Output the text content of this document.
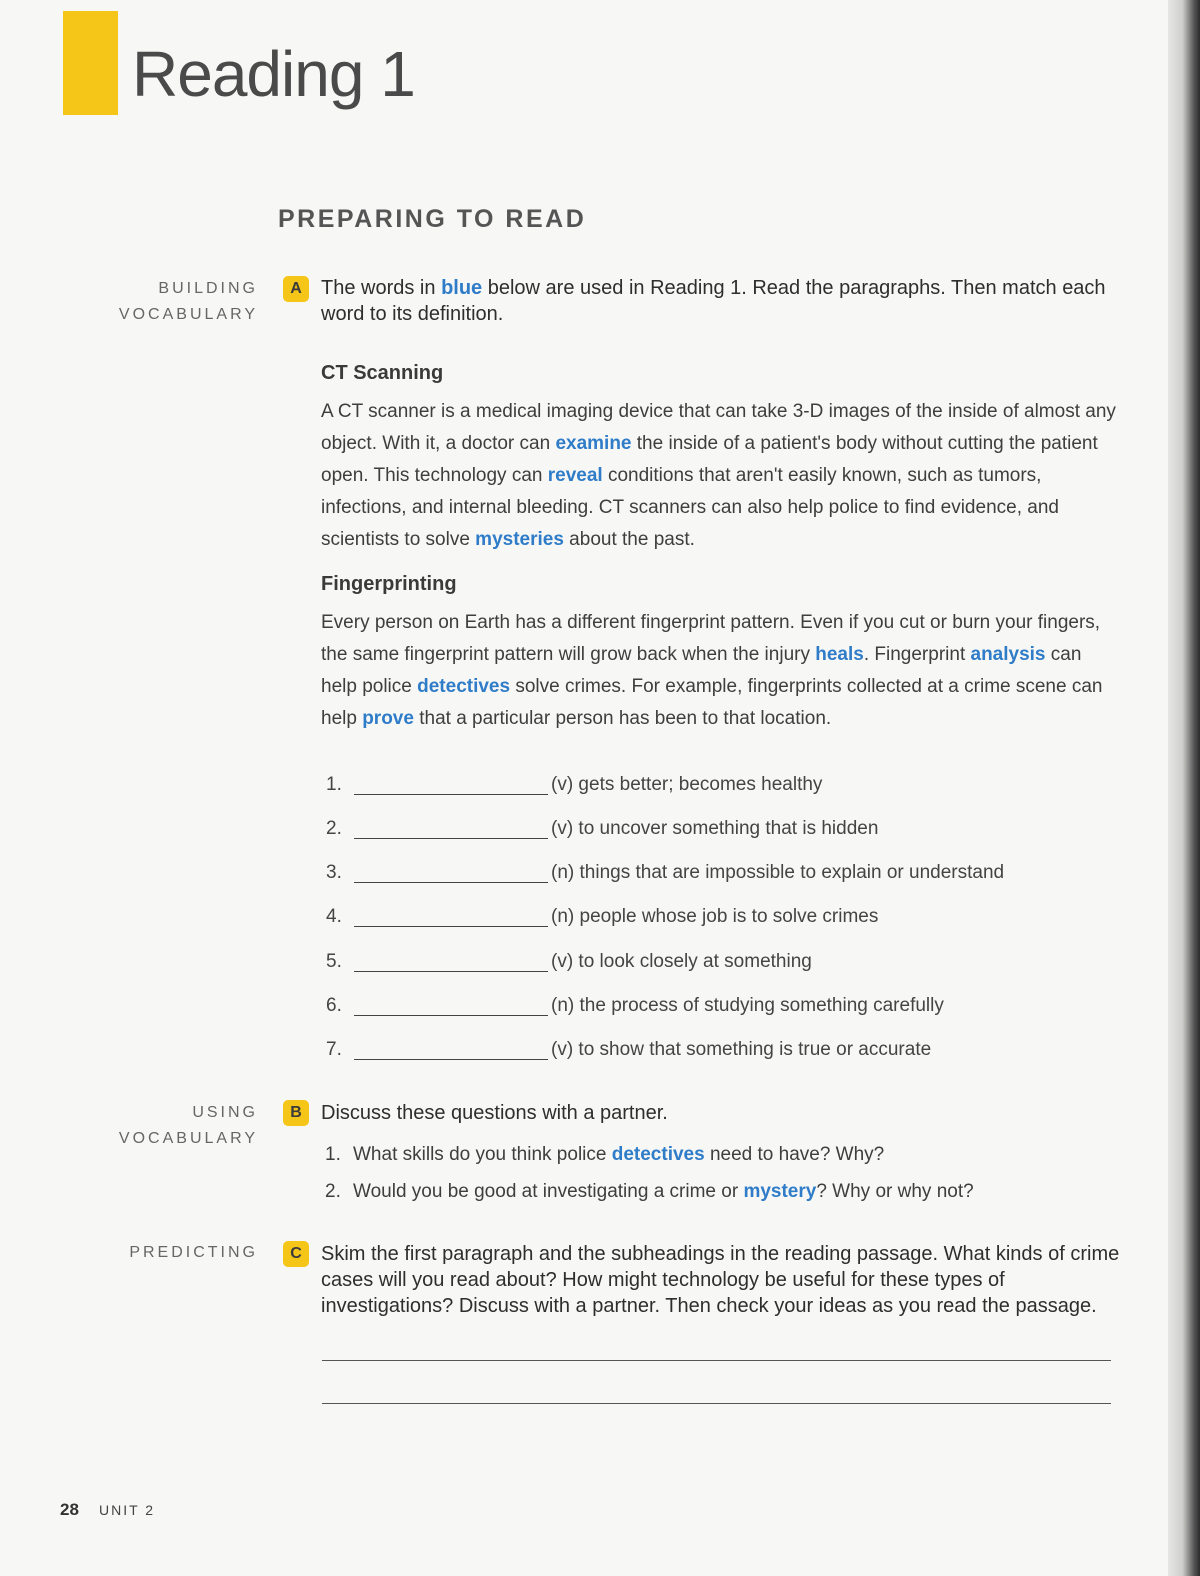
Reading 1
PREPARING TO READ
BUILDING
VOCABULARY
A The words in blue below are used in Reading 1. Read the paragraphs. Then match each word to its definition.
CT Scanning
A CT scanner is a medical imaging device that can take 3-D images of the inside of almost any object. With it, a doctor can examine the inside of a patient's body without cutting the patient open. This technology can reveal conditions that aren't easily known, such as tumors, infections, and internal bleeding. CT scanners can also help police to find evidence, and scientists to solve mysteries about the past.
Fingerprinting
Every person on Earth has a different fingerprint pattern. Even if you cut or burn your fingers, the same fingerprint pattern will grow back when the injury heals. Fingerprint analysis can help police detectives solve crimes. For example, fingerprints collected at a crime scene can help prove that a particular person has been to that location.
1.	(v) gets better; becomes healthy
2.	(v) to uncover something that is hidden
3.	(n) things that are impossible to explain or understand
4.	(n) people whose job is to solve crimes
5.	(v) to look closely at something
6.	(n) the process of studying something carefully
7.	(v) to show that something is true or accurate
USING
VOCABULARY
B Discuss these questions with a partner.
1. What skills do you think police detectives need to have? Why?
2. Would you be good at investigating a crime or mystery? Why or why not?
PREDICTING	C Skim the first paragraph and the subheadings in the reading passage. What kinds of crime cases will you read about? How might technology be useful for these types of investigations? Discuss with a partner. Then check your ideas as you read the passage.
28 UNIT 2
